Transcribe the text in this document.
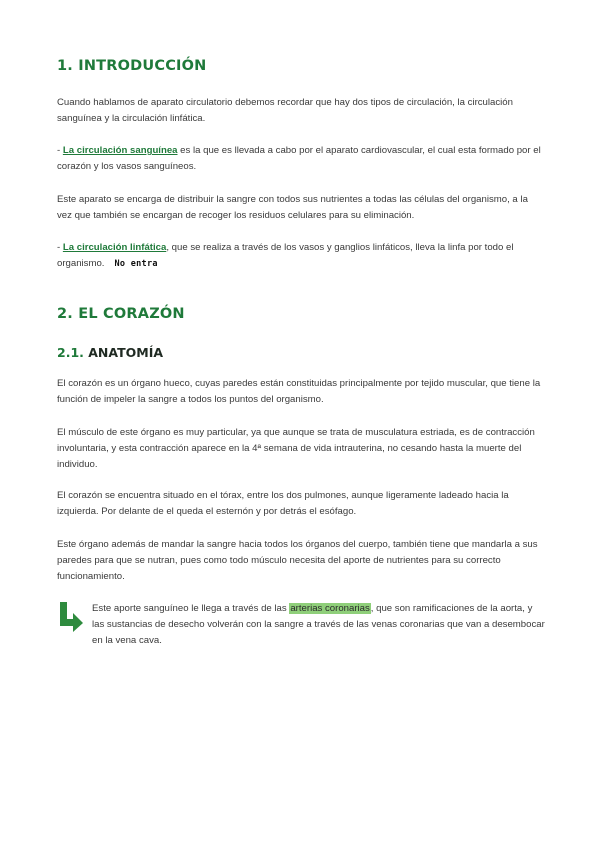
1. INTRODUCCIÓN

Cuando hablamos de aparato circulatorio debemos recordar que hay dos tipos de circulación, la circulación sanguínea y la circulación linfática.

- La circulación sanguínea es la que es llevada a cabo por el aparato cardiovascular, el cual esta formado por el corazón y los vasos sanguíneos.

Este aparato se encarga de distribuir la sangre con todos sus nutrientes a todas las células del organismo, a la vez que también se encargan de recoger los residuos celulares para su eliminación.

- La circulación linfática, que se realiza a través de los vasos y ganglios linfáticos, lleva la linfa por todo el organismo. No entra

2. EL CORAZÓN
2.1. ANATOMÍA

El corazón es un órgano hueco, cuyas paredes están constituidas principalmente por tejido muscular, que tiene la función de impeler la sangre a todos los puntos del organismo.

El músculo de este órgano es muy particular, ya que aunque se trata de musculatura estriada, es de contracción involuntaria, y esta contracción aparece en la 4ª semana de vida intrauterina, no cesando hasta la muerte del individuo.

El corazón se encuentra situado en el tórax, entre los dos pulmones, aunque ligeramente ladeado hacia la izquierda. Por delante de el queda el esternón y por detrás el esófago.

Este órgano además de mandar la sangre hacia todos los órganos del cuerpo, también tiene que mandarla a sus paredes para que se nutran, pues como todo músculo necesita del aporte de nutrientes para su correcto funcionamiento.

Este aporte sanguíneo le llega a través de las arterias coronarias, que son ramificaciones de la aorta, y las sustancias de desecho volverán con la sangre a través de las venas coronarias que van a desembocar en la vena cava.
